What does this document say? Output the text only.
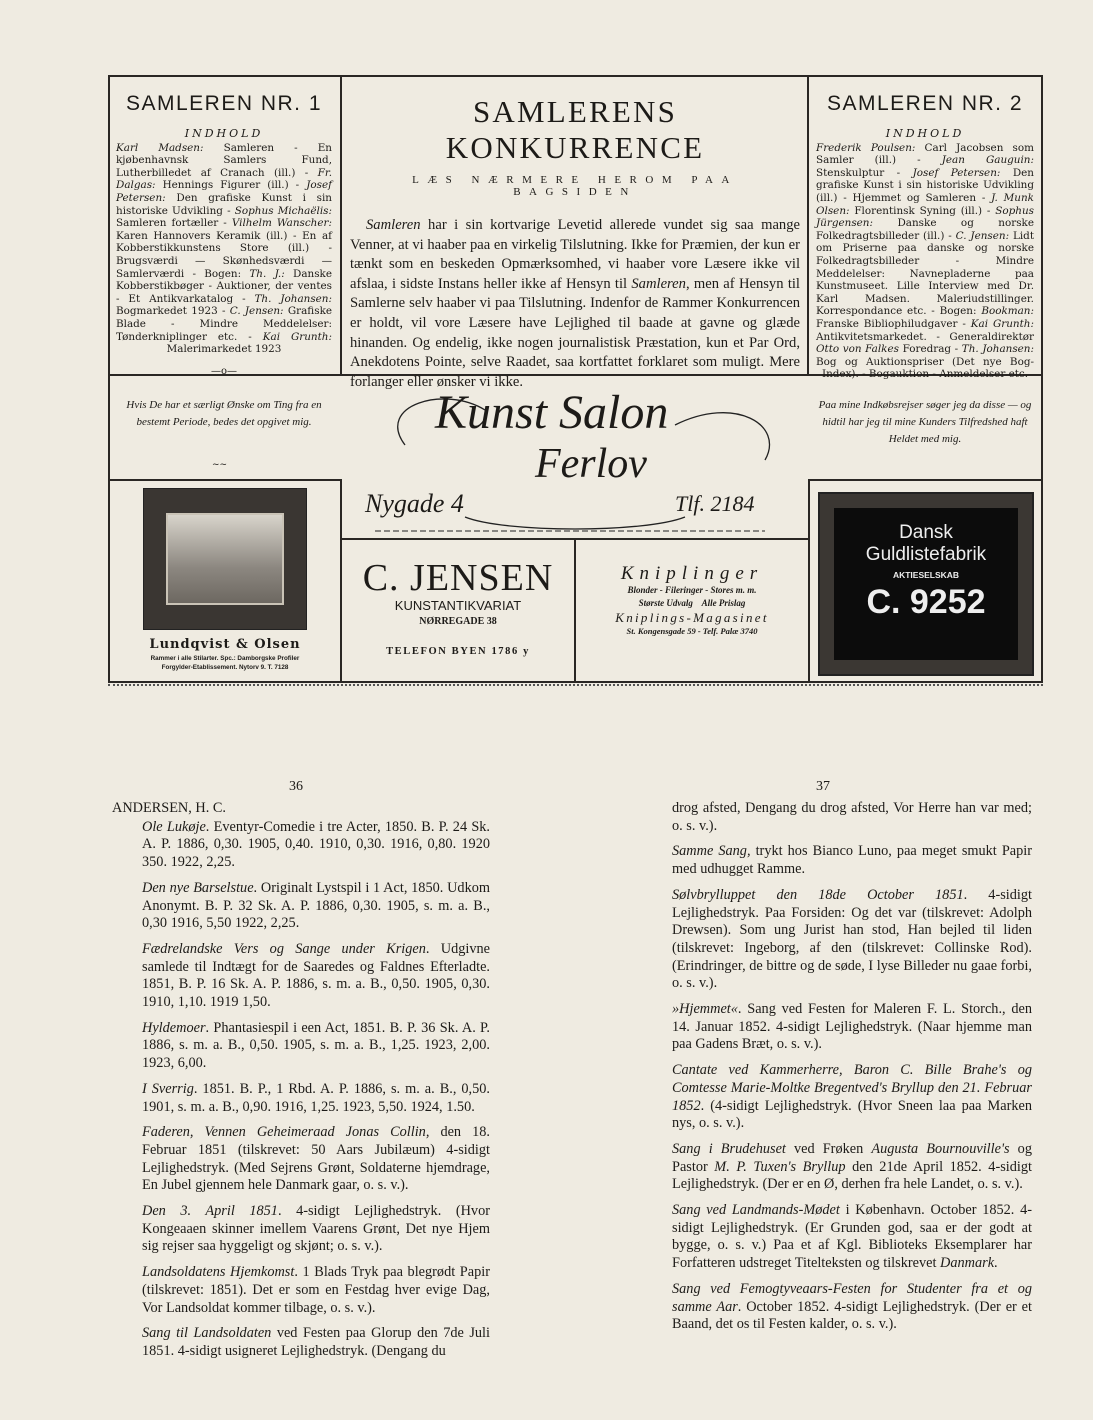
SAMLEREN NR. 1
INDHOLD
Karl Madsen: Samleren - En kjøbenhavnsk Samlers Fund, Lutherbilledet af Cranach (ill.) - Fr. Dalgas: Hennings Figurer (ill.) - Josef Petersen: Den grafiske Kunst i sin historiske Udvikling - Sophus Michaëlis: Samleren fortæller - Vilhelm Wanscher: Karen Hannovers Keramik (ill.) - En af Kobberstikkunstens Store (ill.) - Brugsværdi — Skønhedsværdi — Samlerværdi - Bogen: Th. J.: Danske Kobberstikbøger - Auktioner, der ventes - Et Antikvarkatalog - Th. Johansen: Bogmarkedet 1923 - C. Jensen: Grafiske Blade - Mindre Meddelelser: Tønderkniplinger etc. - Kai Grunth: Malerimarkedet 1923
—o—
SAMLERENS KONKURRENCE
LÆS NÆRMERE HEROM PAA BAGSIDEN

Samleren har i sin kortvarige Levetid allerede vundet sig saa mange Venner, at vi haaber paa en virkelig Tilslutning. Ikke for Præmien, der kun er tænkt som en beskeden Opmærksomhed, vi haaber vore Læsere ikke vil afslaa, i sidste Instans heller ikke af Hensyn til Samleren, men af Hensyn til Samlerne selv haaber vi paa Tilslutning. Indenfor de Rammer Konkurrencen er holdt, vil vore Læsere have Lejlighed til baade at gavne og glæde hinanden. Og endelig, ikke nogen journalistisk Præstation, kun et Par Ord, Anekdotens Pointe, selve Raadet, saa kortfattet forklaret som muligt. Mere forlanger eller ønsker vi ikke.

SAMLEREN NR. 2
INDHOLD
Frederik Poulsen: Carl Jacobsen som Samler (ill.) - Jean Gauguin: Stenskulptur - Josef Petersen: Den grafiske Kunst i sin historiske Udvikling (ill.) - Hjemmet og Samleren - J. Munk Olsen: Florentinsk Syning (ill.) - Sophus Jürgensen: Danske og norske Folkedragtsbilleder (ill.) - C. Jensen: Lidt om Priserne paa danske og norske Folkedragtsbilleder - Mindre Meddelelser: Navnepladerne paa Kunstmuseet. Lille Interview med Dr. Karl Madsen. Maleriudstillinger. Korrespondance etc. - Bogen: Bookman: Franske Bibliophiludgaver - Kai Grunth: Antikvitetsmarkedet. - Generaldirektør Otto von Falkes Foredrag - Th. Johansen: Bog og Auktionspriser (Det nye Bog-Index). - Bogauktion - Anmeldelser etc.
Hvis De har et særligt Ønske om Ting fra en bestemt Periode, bedes det opgivet mig.
~~
Paa mine Indkøbsrejser søger jeg da disse — og hidtil har jeg til mine Kunders Tilfredshed haft Heldet med mig.
Kunst Salon
Ferlov
Nygade 4	Tlf. 2184
Lundqvist & Olsen
Rammer i alle Stilarter. Spc.: Damborgske Profiler
Forgylder-Etablissement. Nytorv 9. T. 7128
C. JENSEN
KUNSTANTIKVARIAT
NØRREGADE 38
TELEFON BYEN 1786 y
Kniplinger
Blonder - Fileringer - Stores m. m.
Største Udvalg    Alle Prislag
Kniplings-Magasinet
St. Kongensgade 59 - Telf. Palæ 3740
Dansk
Guldlistefabrik
AKTIESELSKAB
C. 9252
36	37
ANDERSEN, H. C.
Ole Lukøje. Eventyr-Comedie i tre Acter, 1850. B. P. 24 Sk. A. P. 1886, 0,30. 1905, 0,40. 1910, 0,30. 1916, 0,80. 1920 350. 1922, 2,25.
Den nye Barselstue. Originalt Lystspil i 1 Act, 1850. Udkom Anonymt. B. P. 32 Sk. A. P. 1886, 0,30. 1905, s. m. a. B., 0,30 1916, 5,50 1922, 2,25.
Fædrelandske Vers og Sange under Krigen. Udgivne samlede til Indtægt for de Saaredes og Faldnes Efterladte. 1851, B. P. 16 Sk. A. P. 1886, s. m. a. B., 0,50. 1905, 0,30. 1910, 1,10. 1919 1,50.
Hyldemoer. Phantasiespil i een Act, 1851. B. P. 36 Sk. A. P. 1886, s. m. a. B., 0,50. 1905, s. m. a. B., 1,25. 1923, 2,00. 1923, 6,00.
I Sverrig. 1851. B. P., 1 Rbd. A. P. 1886, s. m. a. B., 0,50. 1901, s. m. a. B., 0,90. 1916, 1,25. 1923, 5,50. 1924, 1.50.
Faderen, Vennen Geheimeraad Jonas Collin, den 18. Februar 1851 (tilskrevet: 50 Aars Jubilæum) 4-sidigt Lejlighedstryk. (Med Sejrens Grønt, Soldaterne hjemdrage, En Jubel gjennem hele Danmark gaar, o. s. v.).
Den 3. April 1851. 4-sidigt Lejlighedstryk. (Hvor Kongeaaen skinner imellem Vaarens Grønt, Det nye Hjem sig rejser saa hyggeligt og skjønt; o. s. v.).
Landsoldatens Hjemkomst. 1 Blads Tryk paa blegrødt Papir (tilskrevet: 1851). Det er som en Festdag hver evige Dag, Vor Landsoldat kommer tilbage, o. s. v.).
Sang til Landsoldaten ved Festen paa Glorup den 7de Juli 1851. 4-sidigt usigneret Lejlighedstryk. (Dengang du
drog afsted, Dengang du drog afsted, Vor Herre han var med; o. s. v.).
Samme Sang, trykt hos Bianco Luno, paa meget smukt Papir med udhugget Ramme.
Sølvbrylluppet den 18de October 1851. 4-sidigt Lejlighedstryk. Paa Forsiden: Og det var (tilskrevet: Adolph Drewsen). Som ung Jurist han stod, Han bejled til liden (tilskrevet: Ingeborg, af den (tilskrevet: Collinske Rod). (Erindringer, de bittre og de søde, I lyse Billeder nu gaae forbi, o. s. v.).
»Hjemmet«. Sang ved Festen for Maleren F. L. Storch., den 14. Januar 1852. 4-sidigt Lejlighedstryk. (Naar hjemme man paa Gadens Bræt, o. s. v.).
Cantate ved Kammerherre, Baron C. Bille Brahe's og Comtesse Marie-Moltke Bregentved's Bryllup den 21. Februar 1852. (4-sidigt Lejlighedstryk. (Hvor Sneen laa paa Marken nys, o. s. v.).
Sang i Brudehuset ved Frøken Augusta Bournouville's og Pastor M. P. Tuxen's Bryllup den 21de April 1852. 4-sidigt Lejlighedstryk. (Der er en Ø, derhen fra hele Landet, o. s. v.).
Sang ved Landmands-Mødet i København. October 1852. 4-sidigt Lejlighedstryk. (Er Grunden god, saa er der godt at bygge, o. s. v.) Paa et af Kgl. Biblioteks Eksemplarer har Forfatteren udstreget Titelteksten og tilskrevet Danmark.
Sang ved Femogtyveaars-Festen for Studenter fra et og samme Aar. October 1852. 4-sidigt Lejlighedstryk. (Der er et Baand, det os til Festen kalder, o. s. v.).
